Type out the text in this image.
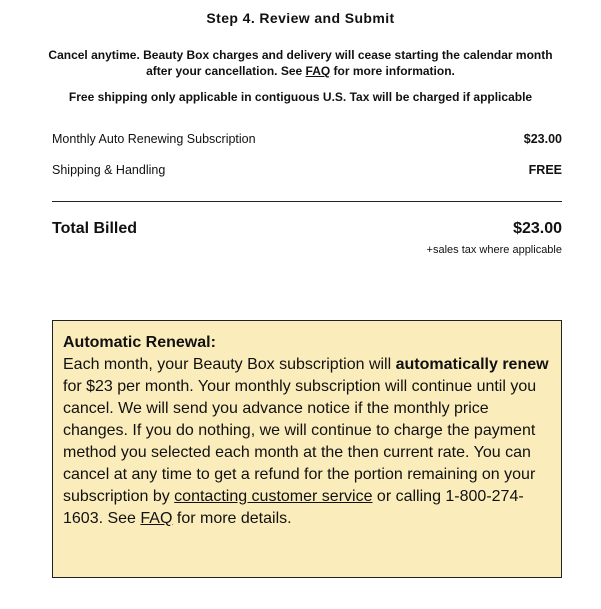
Step 4. Review and Submit
Cancel anytime. Beauty Box charges and delivery will cease starting the calendar month after your cancellation. See FAQ for more information.
Free shipping only applicable in contiguous U.S. Tax will be charged if applicable
Monthly Auto Renewing Subscription	$23.00
Shipping & Handling	FREE
Total Billed	$23.00
+sales tax where applicable
Automatic Renewal:
Each month, your Beauty Box subscription will automatically renew for $23 per month. Your monthly subscription will continue until you cancel. We will send you advance notice if the monthly price changes. If you do nothing, we will continue to charge the payment method you selected each month at the then current rate. You can cancel at any time to get a refund for the portion remaining on your subscription by contacting customer service or calling 1-800-274-1603. See FAQ for more details.
